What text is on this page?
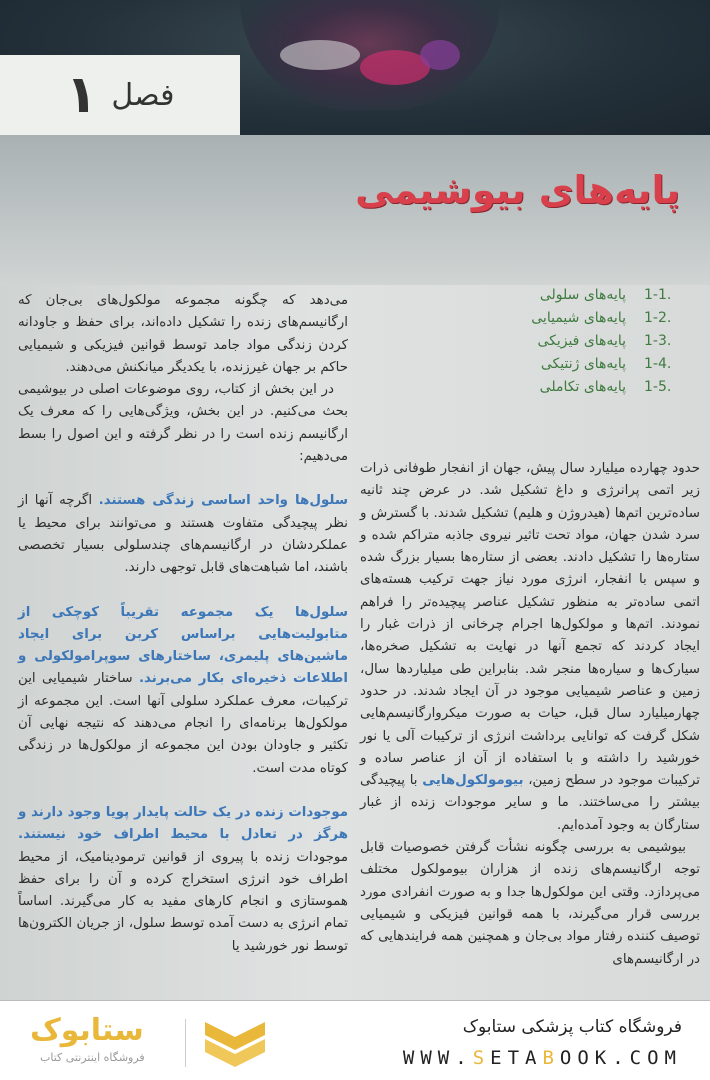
فصل
۱
پایه‌های بیوشیمی
1-1.
پایه‌های سلولی
1-2.
پایه‌های شیمیایی
1-3.
پایه‌های فیزیکی
1-4.
پایه‌های ژنتیکی
1-5.
پایه‌های تکاملی

می‌دهد که چگونه مجموعه مولکول‌های بی‌جان که ارگانیسم‌های زنده را تشکیل داده‌اند، برای حفظ و جاودانه کردن زندگی مواد جامد توسط قوانین فیزیکی و شیمیایی حاکم بر جهان غیرزنده، با یکدیگر میانکنش می‌دهند.

در این بخش از کتاب، روی موضوعات اصلی در بیوشیمی بحث می‌کنیم. در این بخش، ویژگی‌هایی را که معرف یک ارگانیسم زنده است را در نظر گرفته و این اصول را بسط می‌دهیم:

سلول‌ها واحد اساسی زندگی هستند. اگرچه آنها از نظر پیچیدگی متفاوت هستند و می‌توانند برای محیط یا عملکردشان در ارگانیسم‌های چندسلولی بسیار تخصصی باشند، اما شباهت‌های قابل توجهی دارند.

سلول‌ها یک مجموعه تقریباً کوچکی از متابولیت‌هایی براساس کربن برای ایجاد ماشین‌های پلیمری، ساختارهای سوپرامولکولی و اطلاعات ذخیره‌ای بکار می‌برند. ساختار شیمیایی این ترکیبات، معرف عملکرد سلولی آنها است. این مجموعه از مولکول‌ها برنامه‌ای را انجام می‌دهند که نتیجه نهایی آن تکثیر و جاودان بودن این مجموعه از مولکول‌ها در زندگی کوتاه مدت است.

موجودات زنده در یک حالت پایدار پویا وجود دارند و هرگز در تعادل با محیط اطراف خود نیستند. موجودات زنده با پیروی از قوانین ترمودینامیک، از محیط اطراف خود انرژی استخراج کرده و آن را برای حفظ هموستازی و انجام کارهای مفید به کار می‌گیرند. اساساً تمام انرژی به دست آمده توسط سلول، از جریان الکترون‌ها توسط نور خورشید یا

حدود چهارده میلیارد سال پیش، جهان از انفجار طوفانی ذرات زیر اتمی پرانرژی و داغ تشکیل شد. در عرض چند ثانیه ساده‌ترین اتم‌ها (هیدروژن و هلیم) تشکیل شدند. با گسترش و سرد شدن جهان، مواد تحت تاثیر نیروی جاذبه متراکم شده و ستاره‌ها را تشکیل دادند. بعضی از ستاره‌ها بسیار بزرگ شده و سپس با انفجار، انرژی مورد نیاز جهت ترکیب هسته‌های اتمی ساده‌تر به منظور تشکیل عناصر پیچیده‌تر را فراهم نمودند. اتم‌ها و مولکول‌ها اجرام چرخانی از ذرات غبار را ایجاد کردند که تجمع آنها در نهایت به تشکیل صخره‌ها، سیارک‌ها و سیاره‌ها منجر شد. بنابراین طی میلیاردها سال، زمین و عناصر شیمیایی موجود در آن ایجاد شدند. در حدود چهارمیلیارد سال قبل، حیات به صورت میکروارگانیسم‌هایی شکل گرفت که توانایی برداشت انرژی از ترکیبات آلی یا نور خورشید را داشته و با استفاده از آن از عناصر ساده و ترکیبات موجود در سطح زمین، بیومولکول‌هایی با پیچیدگی بیشتر را می‌ساختند. ما و سایر موجودات زنده از غبار ستارگان به وجود آمده‌ایم.

بیوشیمی به بررسی چگونه نشأت گرفتن خصوصیات قابل توجه ارگانیسم‌های زنده از هزاران بیومولکول مختلف می‌پردازد. وقتی این مولکول‌ها جدا و به صورت انفرادی مورد بررسی قرار می‌گیرند، با همه قوانین فیزیکی و شیمیایی توصیف کننده رفتار مواد بی‌جان و همچنین همه فرایندهایی که در ارگانیسم‌های

فروشگاه کتاب پزشکی ستابوک
WWW.SETABOOK.COM
ستابوک
فروشگاه اینترنتی کتاب
